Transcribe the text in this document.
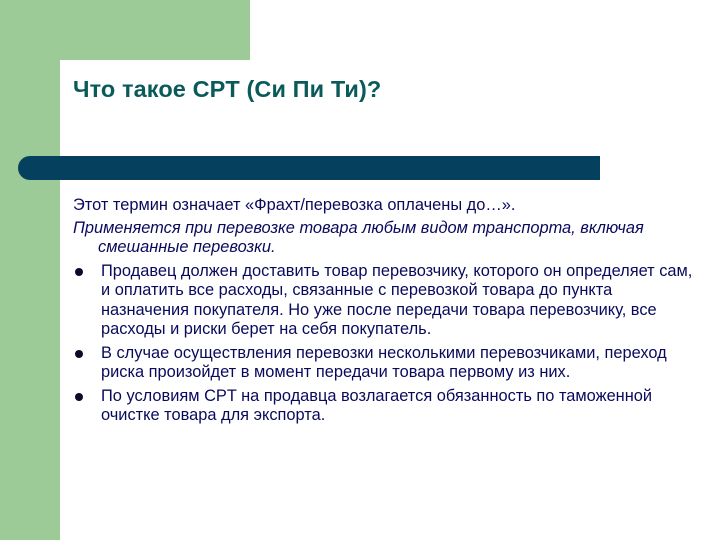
Что такое CPT (Си Пи Ти)?

Этот термин означает «Фрахт/перевозка оплачены до…».

Применяется при перевозке товара любым видом транспорта, включая смешанные перевозки.

Продавец должен доставить товар перевозчику, которого он определяет сам, и оплатить все расходы, связанные с перевозкой товара до пункта назначения покупателя. Но уже после передачи товара перевозчику, все расходы и риски берет на себя покупатель.
В случае осуществления перевозки несколькими перевозчиками, переход риска произойдет в момент передачи товара первому из них.
По условиям CPT на продавца возлагается обязанность по таможенной очистке товара для экспорта.
